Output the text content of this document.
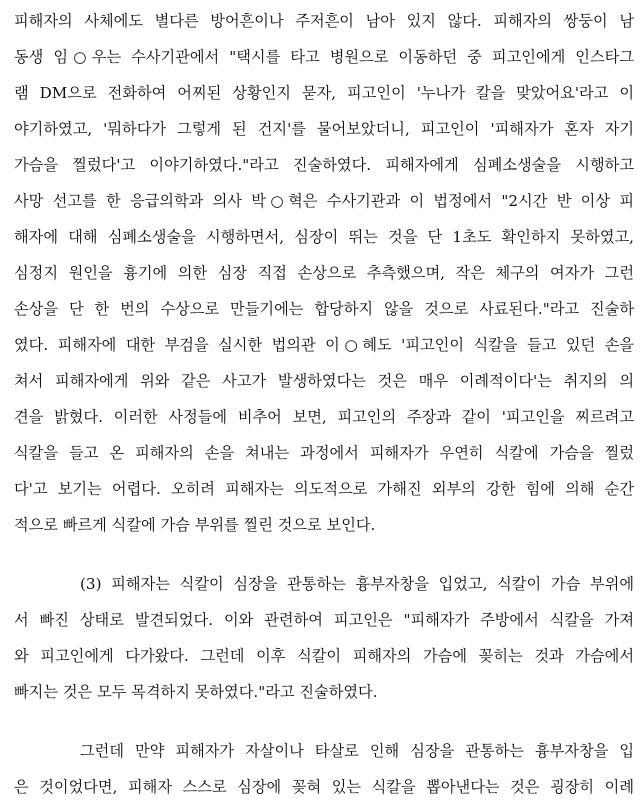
피해자의 사체에도 별다른 방어흔이나 주저흔이 남아 있지 않다. 피해자의 쌍둥이 남
동생 임○우는 수사기관에서 "택시를 타고 병원으로 이동하던 중 피고인에게 인스타그
램 DM으로 전화하여 어찌된 상황인지 묻자, 피고인이 '누나가 칼을 맞았어요'라고 이
야기하였고, '뭐하다가 그렇게 된 건지'를 물어보았더니, 피고인이 '피해자가 혼자 자기
가슴을 찔렀다'고 이야기하였다."라고 진술하였다. 피해자에게 심폐소생술을 시행하고
사망 선고를 한 응급의학과 의사 박○혁은 수사기관과 이 법정에서 "2시간 반 이상 피
해자에 대해 심폐소생술을 시행하면서, 심장이 뛰는 것을 단 1초도 확인하지 못하였고,
심정지 원인을 흉기에 의한 심장 직접 손상으로 추측했으며, 작은 체구의 여자가 그런
손상을 단 한 번의 수상으로 만들기에는 합당하지 않을 것으로 사료된다."라고 진술하
였다. 피해자에 대한 부검을 실시한 법의관 이○혜도 '피고인이 식칼을 들고 있던 손을
쳐서 피해자에게 위와 같은 사고가 발생하였다는 것은 매우 이례적이다'는 취지의 의
견을 밝혔다. 이러한 사정들에 비추어 보면, 피고인의 주장과 같이 '피고인을 찌르려고
식칼을 들고 온 피해자의 손을 쳐내는 과정에서 피해자가 우연히 식칼에 가슴을 찔렀
다'고 보기는 어렵다. 오히려 피해자는 의도적으로 가해진 외부의 강한 힘에 의해 순간
적으로 빠르게 식칼에 가슴 부위를 찔린 것으로 보인다.
(3) 피해자는 식칼이 심장을 관통하는 흉부자창을 입었고, 식칼이 가슴 부위에
서 빠진 상태로 발견되었다. 이와 관련하여 피고인은 "피해자가 주방에서 식칼을 가져
와 피고인에게 다가왔다. 그런데 이후 식칼이 피해자의 가슴에 꽂히는 것과 가슴에서
빠지는 것은 모두 목격하지 못하였다."라고 진술하였다.
그런데 만약 피해자가 자살이나 타살로 인해 심장을 관통하는 흉부자창을 입
은 것이었다면, 피해자 스스로 심장에 꽂혀 있는 식칼을 뽑아낸다는 것은 굉장히 이례
